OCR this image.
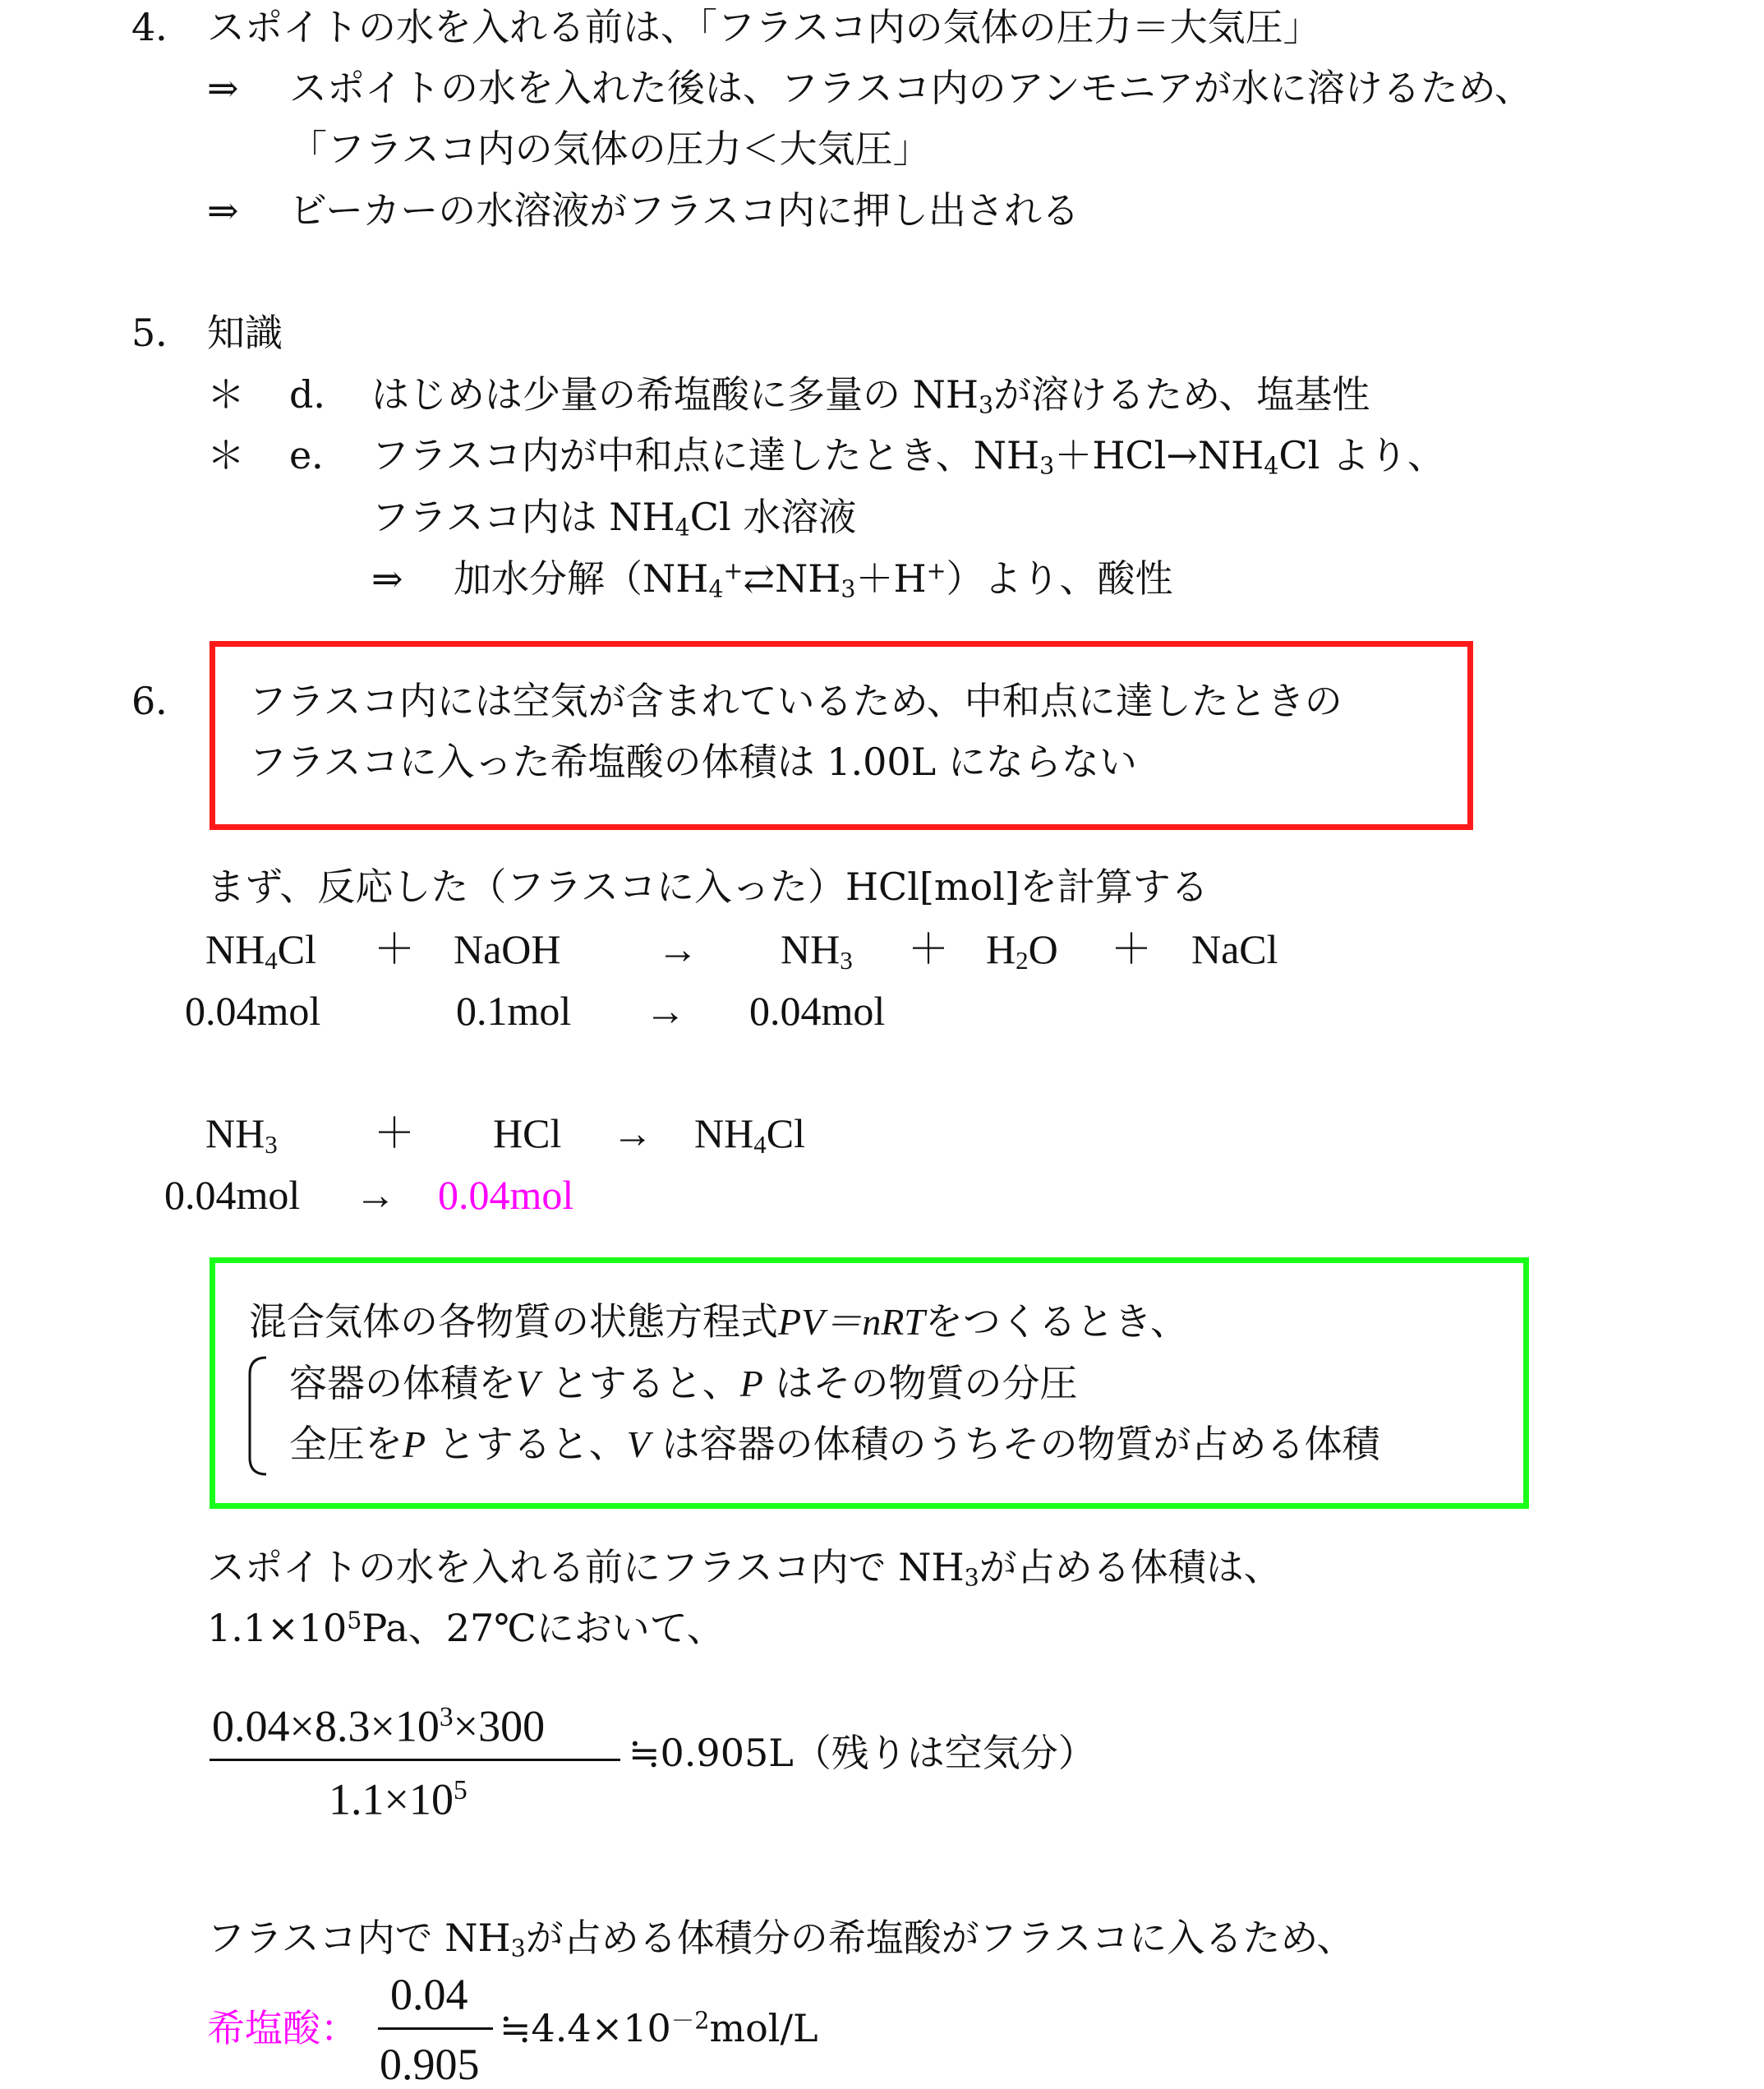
4． スポイトの水を入れる前は、「フラスコ内の気体の圧力＝大気圧」
⇒ スポイトの水を入れた後は、フラスコ内のアンモニアが水に溶けるため、
「フラスコ内の気体の圧力＜大気圧」
⇒ ビーカーの水溶液がフラスコ内に押し出される
5． 知識
＊ d． はじめは少量の希塩酸に多量の $NH_3$が溶けるため、塩基性
＊ e． フラスコ内が中和点に達したとき、$NH_3+HCl\to NH_4Cl$ より、
フラスコ内は $NH_4Cl$ 水溶液
⇒ 加水分解$(NH_4^+⇄NH_3+H^+)$より、酸性
6． フラスコ内には空気が含まれているため、中和点に達したときの
フラスコに入った希塩酸の体積は 1.00L にならない
まず、反応した（フラスコに入った）HCl[mol]を計算する
$NH_4Cl$ ＋ NaOH → $NH_3 + H_2O$ ＋ NaCl
0.04mol	0.1mol → 0.04mol
$NH_3$ ＋ HCl → $NH_4Cl$
0.04mol → 0.04mol
混合気体の各物質の状態方程式PV＝nRTをつくるとき、
容器の体積をV とすると、P はその物質の分圧
全圧をP とすると、V は容器の体積のうちその物質が占める体積
スポイトの水を入れる前にフラスコ内で $NH_3$が占める体積は、
$1.1\times 10^5Pa$、27℃において、
$0.04\times 8.3\times 10^3\times 300$
$1.1\times 10^5$
≒0.905L（残りは空気分）
フラスコ内で $NH_3$が占める体積分の希塩酸がフラスコに入るため、
希塩酸：
0.04
0.905
$≒4.4\times 10^{-2}mol/L$
